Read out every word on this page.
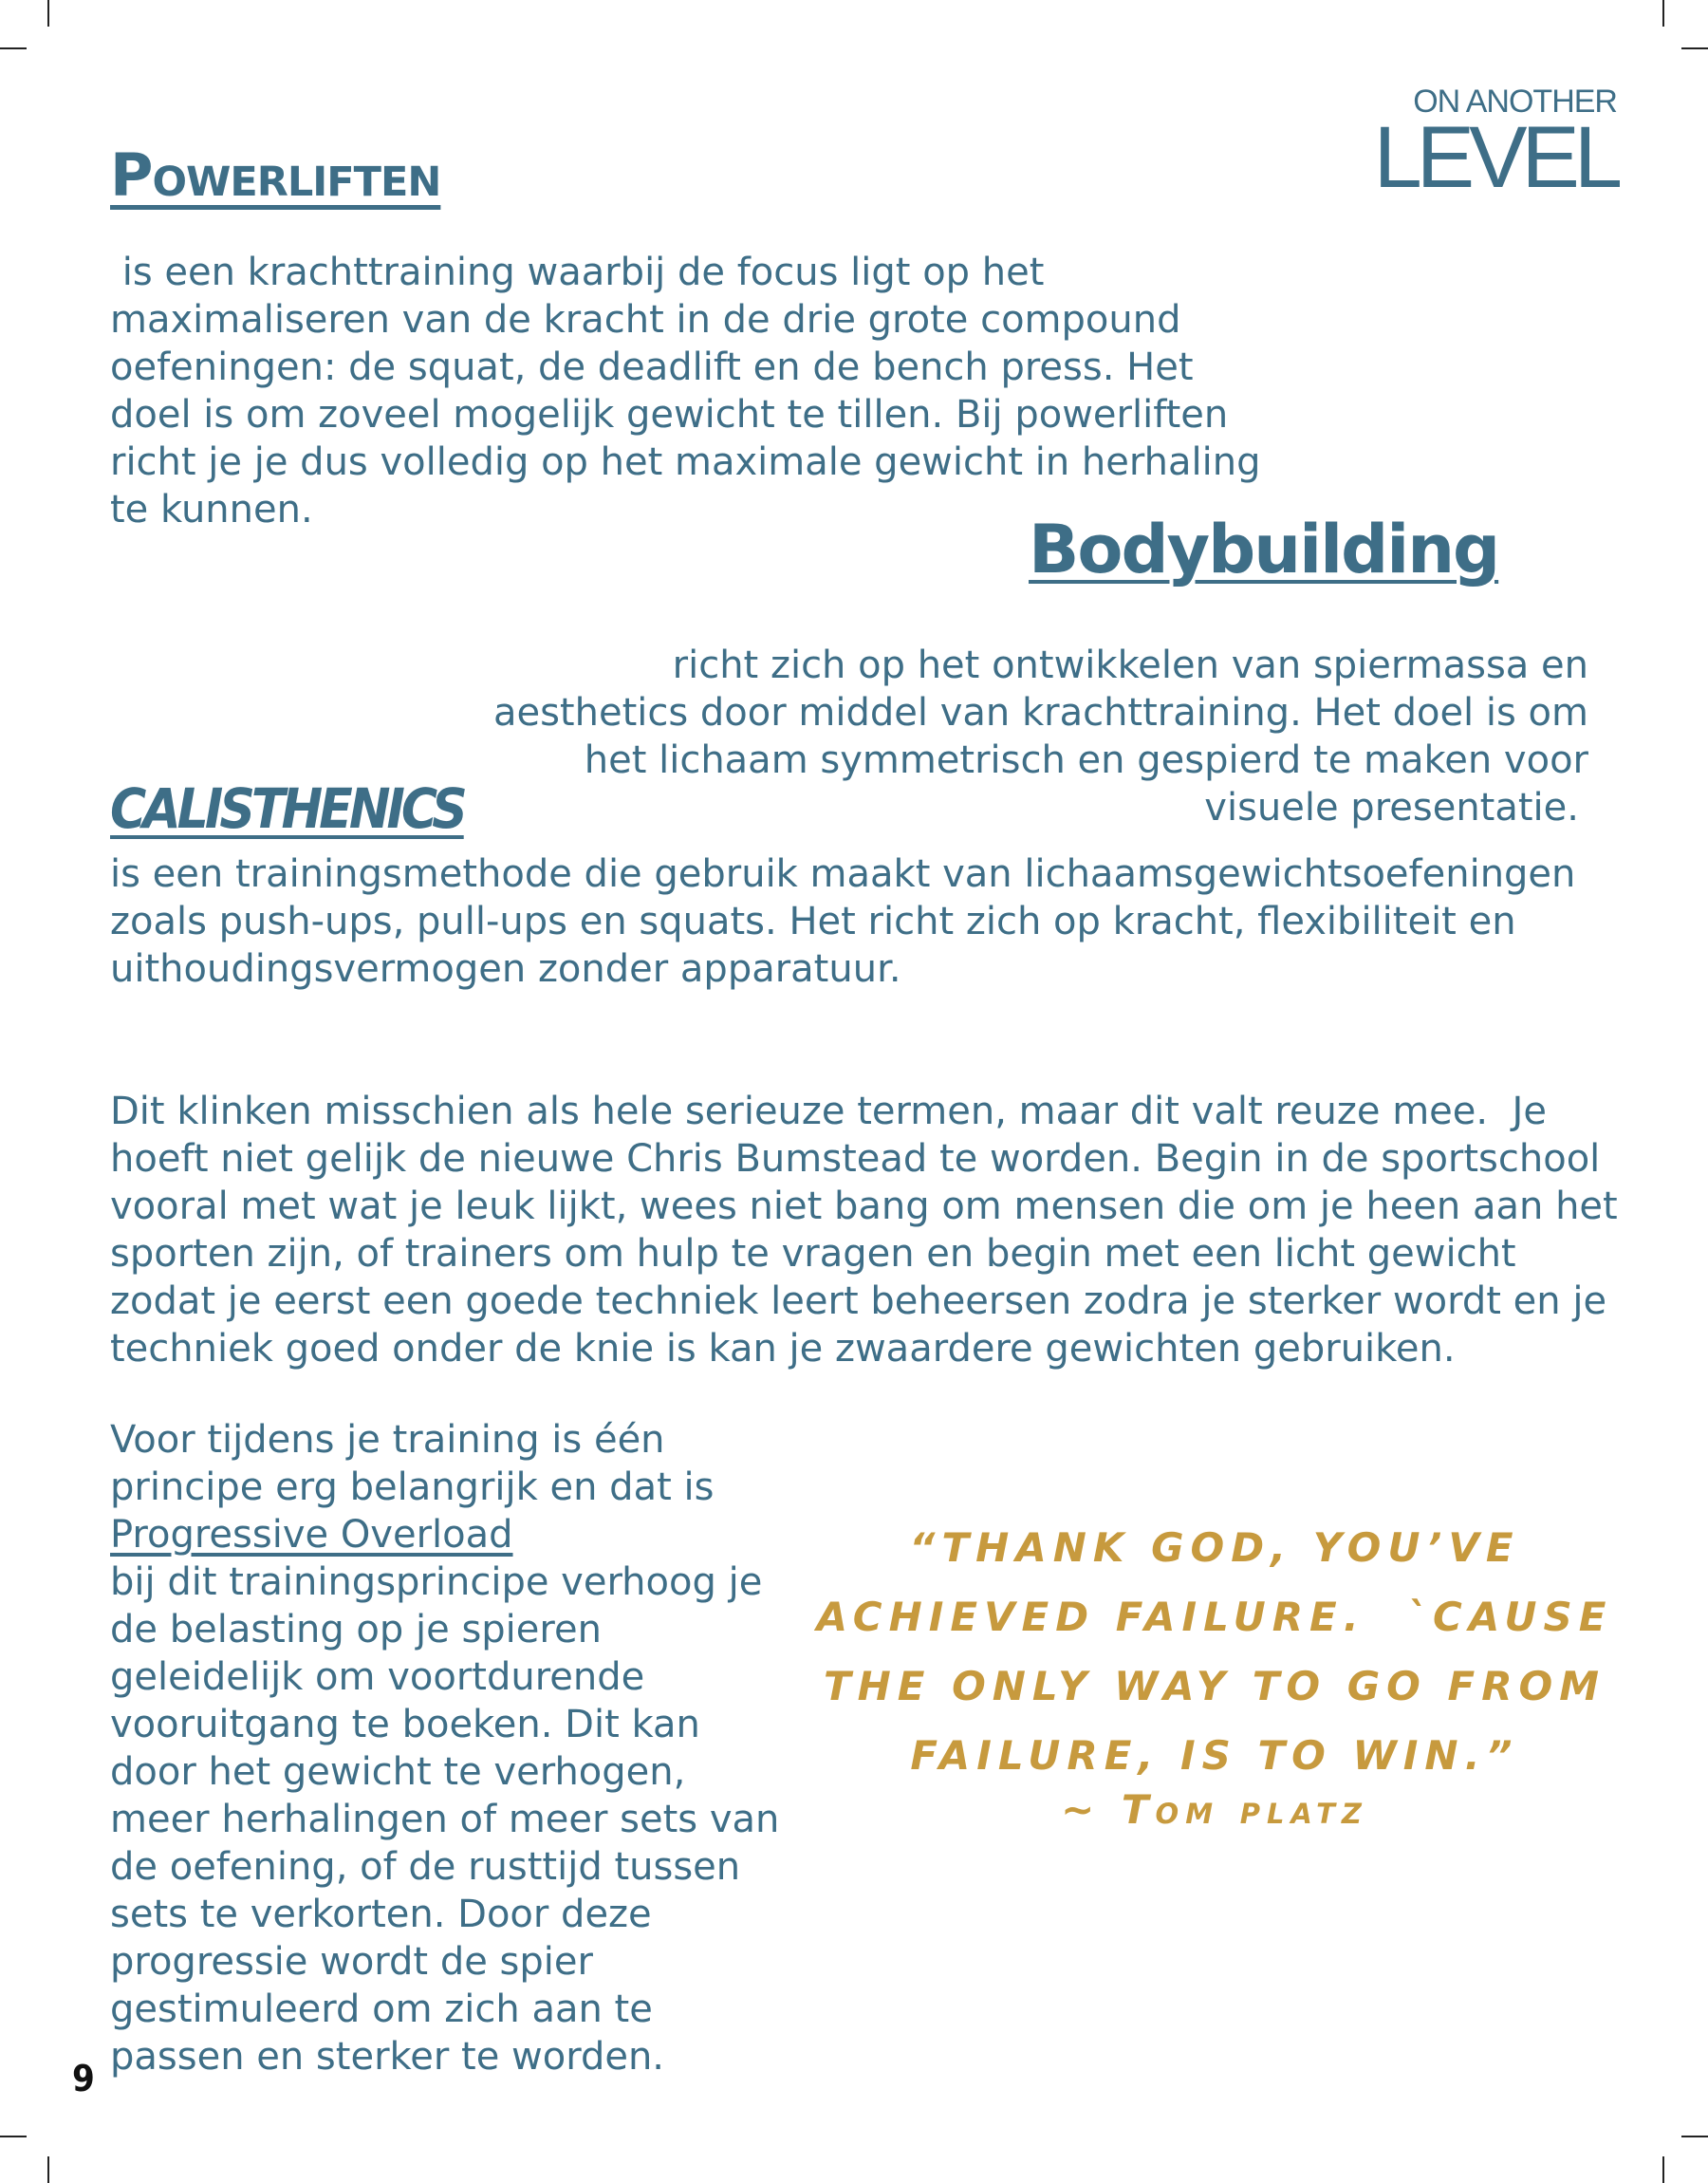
ON ANOTHER
LEVEL
Powerliften
is een krachttraining waarbij de focus ligt op het maximaliseren van de kracht in de drie grote compound oefeningen: de squat, de deadlift en de bench press. Het doel is om zoveel mogelijk gewicht te tillen. Bij powerliften richt je je dus volledig op het maximale gewicht in herhaling te kunnen.
Bodybuilding
richt zich op het ontwikkelen van spiermassa en
aesthetics door middel van krachttraining. Het doel is om
het lichaam symmetrisch en gespierd te maken voor
visuele presentatie.
CALISTHENICS
is een trainingsmethode die gebruik maakt van lichaamsgewichtsoefeningen zoals push-ups, pull-ups en squats. Het richt zich op kracht, flexibiliteit en uithoudingsvermogen zonder apparatuur.
Dit klinken misschien als hele serieuze termen, maar dit valt reuze mee.  Je hoeft niet gelijk de nieuwe Chris Bumstead te worden. Begin in de sportschool vooral met wat je leuk lijkt, wees niet bang om mensen die om je heen aan het sporten zijn, of trainers om hulp te vragen en begin met een licht gewicht zodat je eerst een goede techniek leert beheersen zodra je sterker wordt en je techniek goed onder de knie is kan je zwaardere gewichten gebruiken.
Voor tijdens je training is één principe erg belangrijk en dat is
Progressive Overload
bij dit trainingsprincipe verhoog je de belasting op je spieren geleidelijk om voortdurende vooruitgang te boeken. Dit kan door het gewicht te verhogen, meer herhalingen of meer sets van de oefening, of de rusttijd tussen sets te verkorten. Door deze progressie wordt de spier gestimuleerd om zich aan te passen en sterker te worden.
“THANK GOD, YOU’VE
ACHIEVED FAILURE.  `CAUSE
THE ONLY WAY TO GO FROM
FAILURE, IS TO WIN.”
~ Tom platz
9
